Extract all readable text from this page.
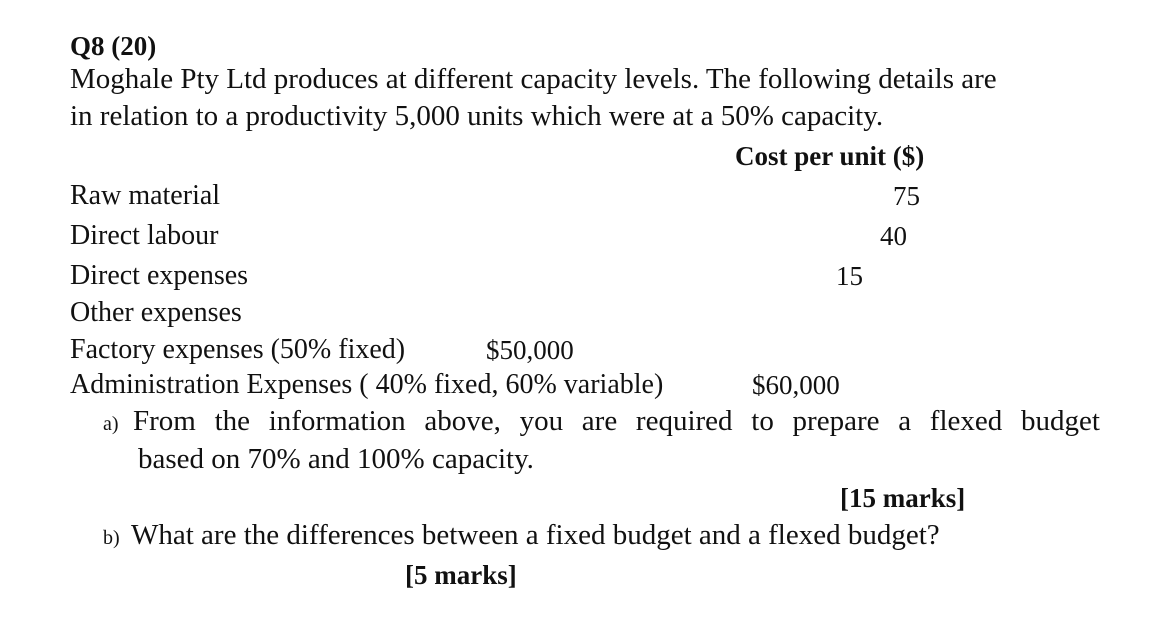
Q8 (20)
Moghale Pty Ltd produces at different capacity levels. The following details are
in relation to a productivity 5,000 units which were at a 50% capacity.
Cost per unit ($)
Raw material	75
Direct labour	40
Direct expenses	15
Other expenses
Factory expenses (50% fixed)	$50,000
Administration Expenses ( 40% fixed, 60% variable)	$60,000
a) From the information above, you are required to prepare a flexed budget
based on 70% and 100% capacity.
[15 marks]
b) What are the differences between a fixed budget and a flexed budget?
[5 marks]
